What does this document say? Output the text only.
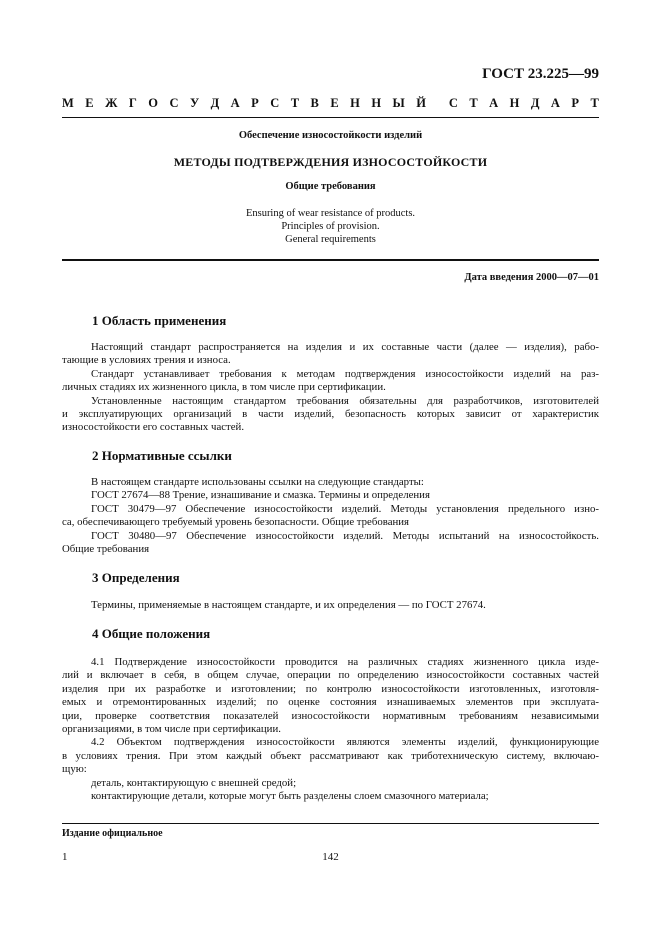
ГОСТ 23.225—99
М Е Ж Г О С У Д А Р С Т В Е Н Н Ы Й С Т А Н Д А Р Т
Обеспечение износостойкости изделий
МЕТОДЫ ПОДТВЕРЖДЕНИЯ ИЗНОСОСТОЙКОСТИ
Общие требования
Ensuring of wear resistance of products.
Principles of provision.
General requirements
Дата введения 2000—07—01
1 Область применения
Настоящий стандарт распространяется на изделия и их составные части (далее — изделия), рабо-
тающие в условиях трения и износа.
Стандарт устанавливает требования к методам подтверждения износостойкости изделий на раз-
личных стадиях их жизненного цикла, в том числе при сертификации.
Установленные настоящим стандартом требования обязательны для разработчиков, изготовителей
и эксплуатирующих организаций в части изделий, безопасность которых зависит от характеристик
износостойкости его составных частей.
2 Нормативные ссылки
В настоящем стандарте использованы ссылки на следующие стандарты:
ГОСТ 27674—88 Трение, изнашивание и смазка. Термины и определения
ГОСТ 30479—97 Обеспечение износостойкости изделий. Методы установления предельного изно-
са, обеспечивающего требуемый уровень безопасности. Общие требования
ГОСТ 30480—97 Обеспечение износостойкости изделий. Методы испытаний на износостойкость.
Общие требования
3 Определения
Термины, применяемые в настоящем стандарте, и их определения — по ГОСТ 27674.
4 Общие положения
4.1 Подтверждение износостойкости проводится на различных стадиях жизненного цикла изде-
лий и включает в себя, в общем случае, операции по определению износостойкости составных частей
изделия при их разработке и изготовлении; по контролю износостойкости изготовленных, изготовля-
емых и отремонтированных изделий; по оценке состояния изнашиваемых элементов при эксплуата-
ции, проверке соответствия показателей износостойкости нормативным требованиям независимыми
организациями, в том числе при сертификации.
4.2 Объектом подтверждения износостойкости являются элементы изделий, функционирующие
в условиях трения. При этом каждый объект рассматривают как триботехническую систему, включаю-
щую:
деталь, контактирующую с внешней средой;
контактирующие детали, которые могут быть разделены слоем смазочного материала;
Издание официальное
1	142
